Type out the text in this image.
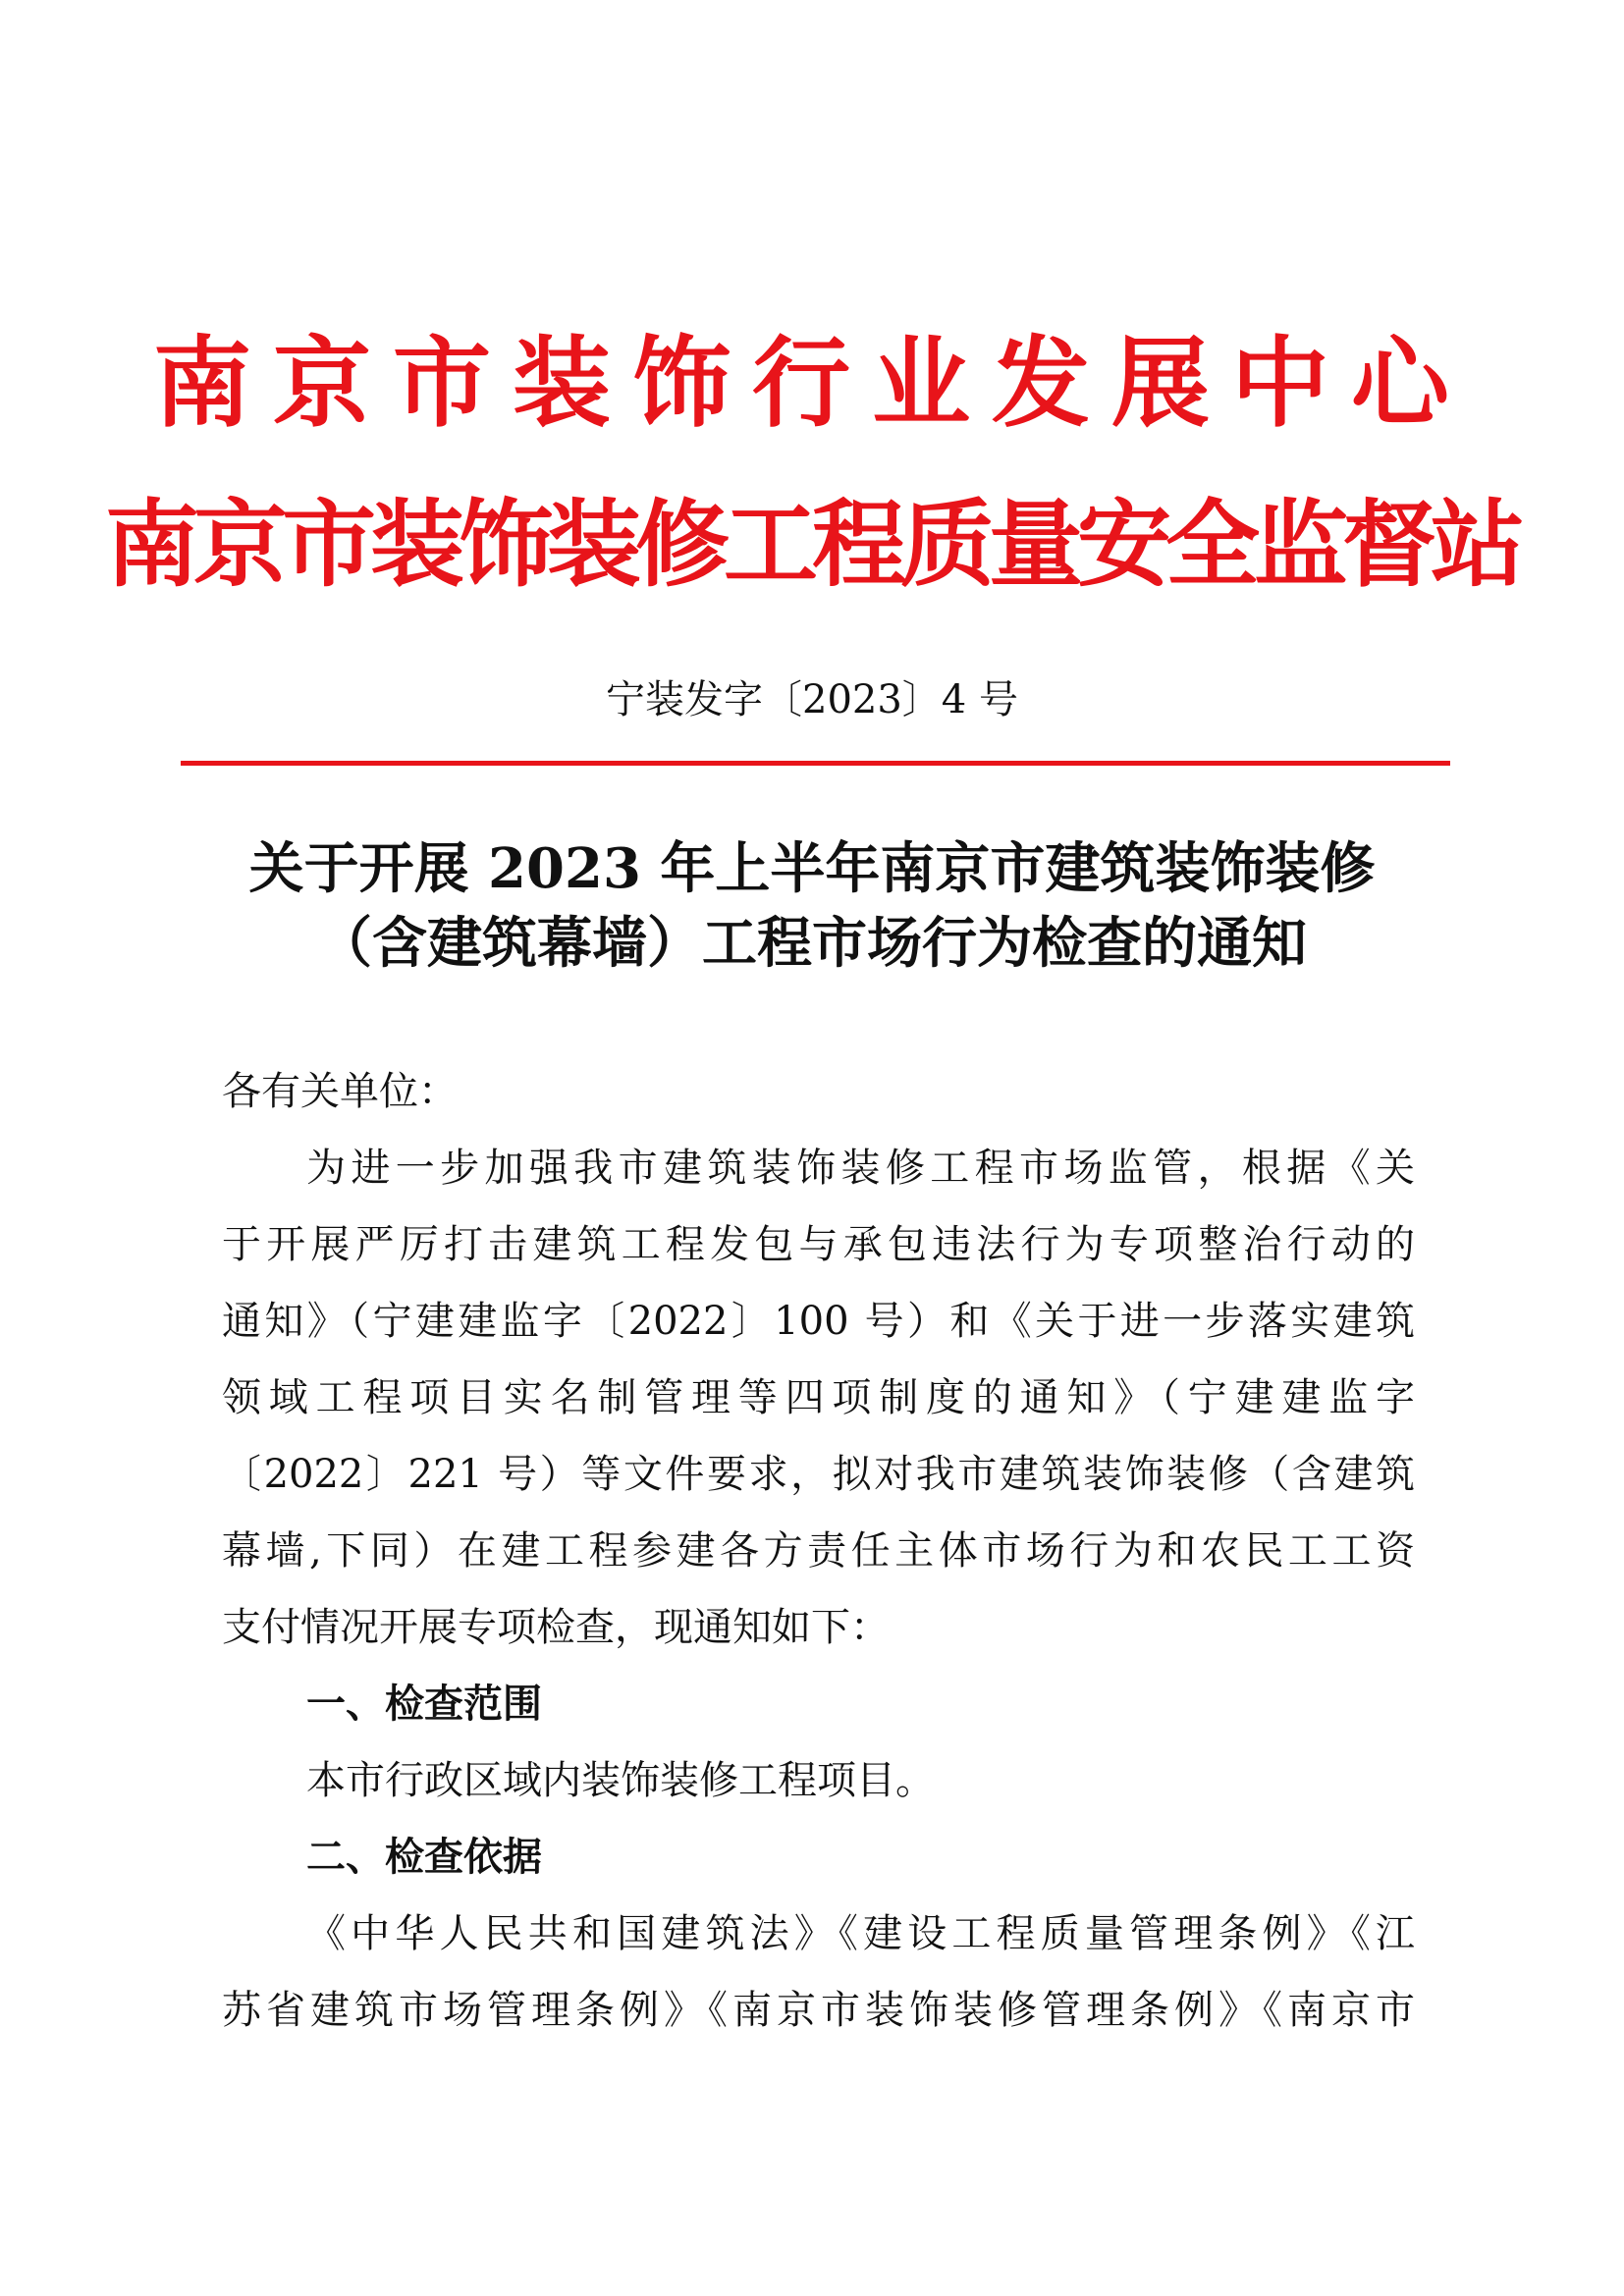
南京市装饰行业发展中心
南京市装饰装修工程质量安全监督站
宁装发字〔2023〕4 号
关于开展 2023 年上半年南京市建筑装饰装修
（含建筑幕墙）工程市场行为检查的通知
各有关单位：
为进一步加强我市建筑装饰装修工程市场监管，根据《关
于开展严厉打击建筑工程发包与承包违法行为专项整治行动的
通知》（宁建建监字〔2022〕100 号）和《关于进一步落实建筑
领域工程项目实名制管理等四项制度的通知》（宁建建监字
〔2022〕221 号）等文件要求，拟对我市建筑装饰装修（含建筑
幕墙,下同）在建工程参建各方责任主体市场行为和农民工工资
支付情况开展专项检查，现通知如下：
一、检查范围
本市行政区域内装饰装修工程项目。
二、检查依据
《中华人民共和国建筑法》《建设工程质量管理条例》《江
苏省建筑市场管理条例》《南京市装饰装修管理条例》《南京市
